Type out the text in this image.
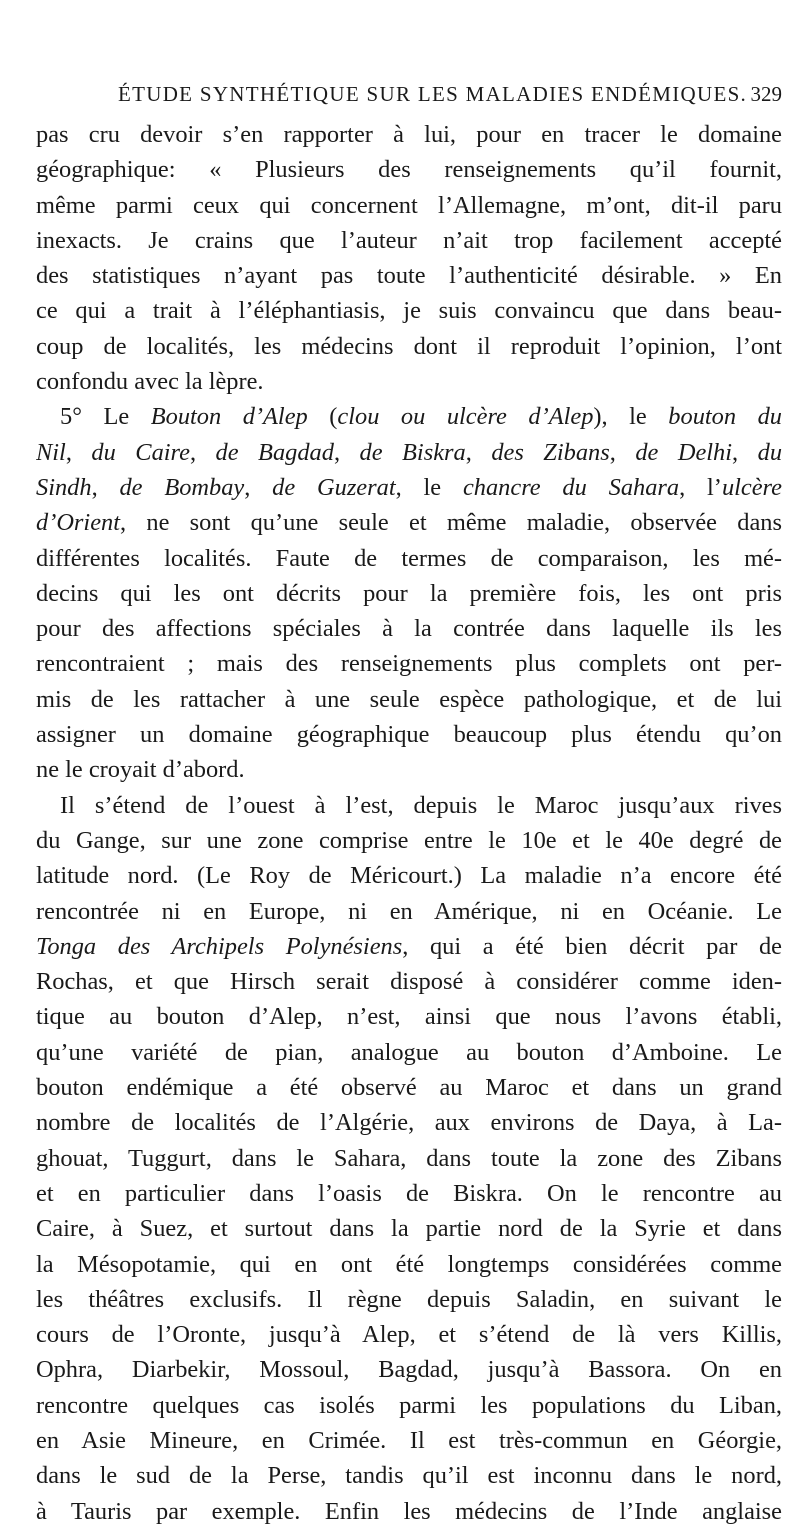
ÉTUDE SYNTHÉTIQUE SUR LES MALADIES ENDÉMIQUES. 329
pas cru devoir s’en rapporter à lui, pour en tracer le domaine
géographique: « Plusieurs des renseignements qu’il fournit,
même parmi ceux qui concernent l’Allemagne, m’ont, dit-il paru
inexacts. Je crains que l’auteur n’ait trop facilement accepté
des statistiques n’ayant pas toute l’authenticité désirable. » En
ce qui a trait à l’éléphantiasis, je suis convaincu que dans beau-
coup de localités, les médecins dont il reproduit l’opinion, l’ont
confondu avec la lèpre.
5° Le Bouton d’Alep (clou ou ulcère d’Alep), le bouton du
Nil, du Caire, de Bagdad, de Biskra, des Zibans, de Delhi, du
Sindh, de Bombay, de Guzerat, le chancre du Sahara, l’ulcère
d’Orient, ne sont qu’une seule et même maladie, observée dans
différentes localités. Faute de termes de comparaison, les mé-
decins qui les ont décrits pour la première fois, les ont pris
pour des affections spéciales à la contrée dans laquelle ils les
rencontraient ; mais des renseignements plus complets ont per-
mis de les rattacher à une seule espèce pathologique, et de lui
assigner un domaine géographique beaucoup plus étendu qu’on
ne le croyait d’abord.
Il s’étend de l’ouest à l’est, depuis le Maroc jusqu’aux rives
du Gange, sur une zone comprise entre le 10e et le 40e degré de
latitude nord. (Le Roy de Méricourt.) La maladie n’a encore été
rencontrée ni en Europe, ni en Amérique, ni en Océanie. Le
Tonga des Archipels Polynésiens, qui a été bien décrit par de
Rochas, et que Hirsch serait disposé à considérer comme iden-
tique au bouton d’Alep, n’est, ainsi que nous l’avons établi,
qu’une variété de pian, analogue au bouton d’Amboine. Le
bouton endémique a été observé au Maroc et dans un grand
nombre de localités de l’Algérie, aux environs de Daya, à La-
ghouat, Tuggurt, dans le Sahara, dans toute la zone des Zibans
et en particulier dans l’oasis de Biskra. On le rencontre au
Caire, à Suez, et surtout dans la partie nord de la Syrie et dans
la Mésopotamie, qui en ont été longtemps considérées comme
les théâtres exclusifs. Il règne depuis Saladin, en suivant le
cours de l’Oronte, jusqu’à Alep, et s’étend de là vers Killis,
Ophra, Diarbekir, Mossoul, Bagdad, jusqu’à Bassora. On en
rencontre quelques cas isolés parmi les populations du Liban,
en Asie Mineure, en Crimée. Il est très-commun en Géorgie,
dans le sud de la Perse, tandis qu’il est inconnu dans le nord,
à Tauris par exemple. Enfin les médecins de l’Inde anglaise
